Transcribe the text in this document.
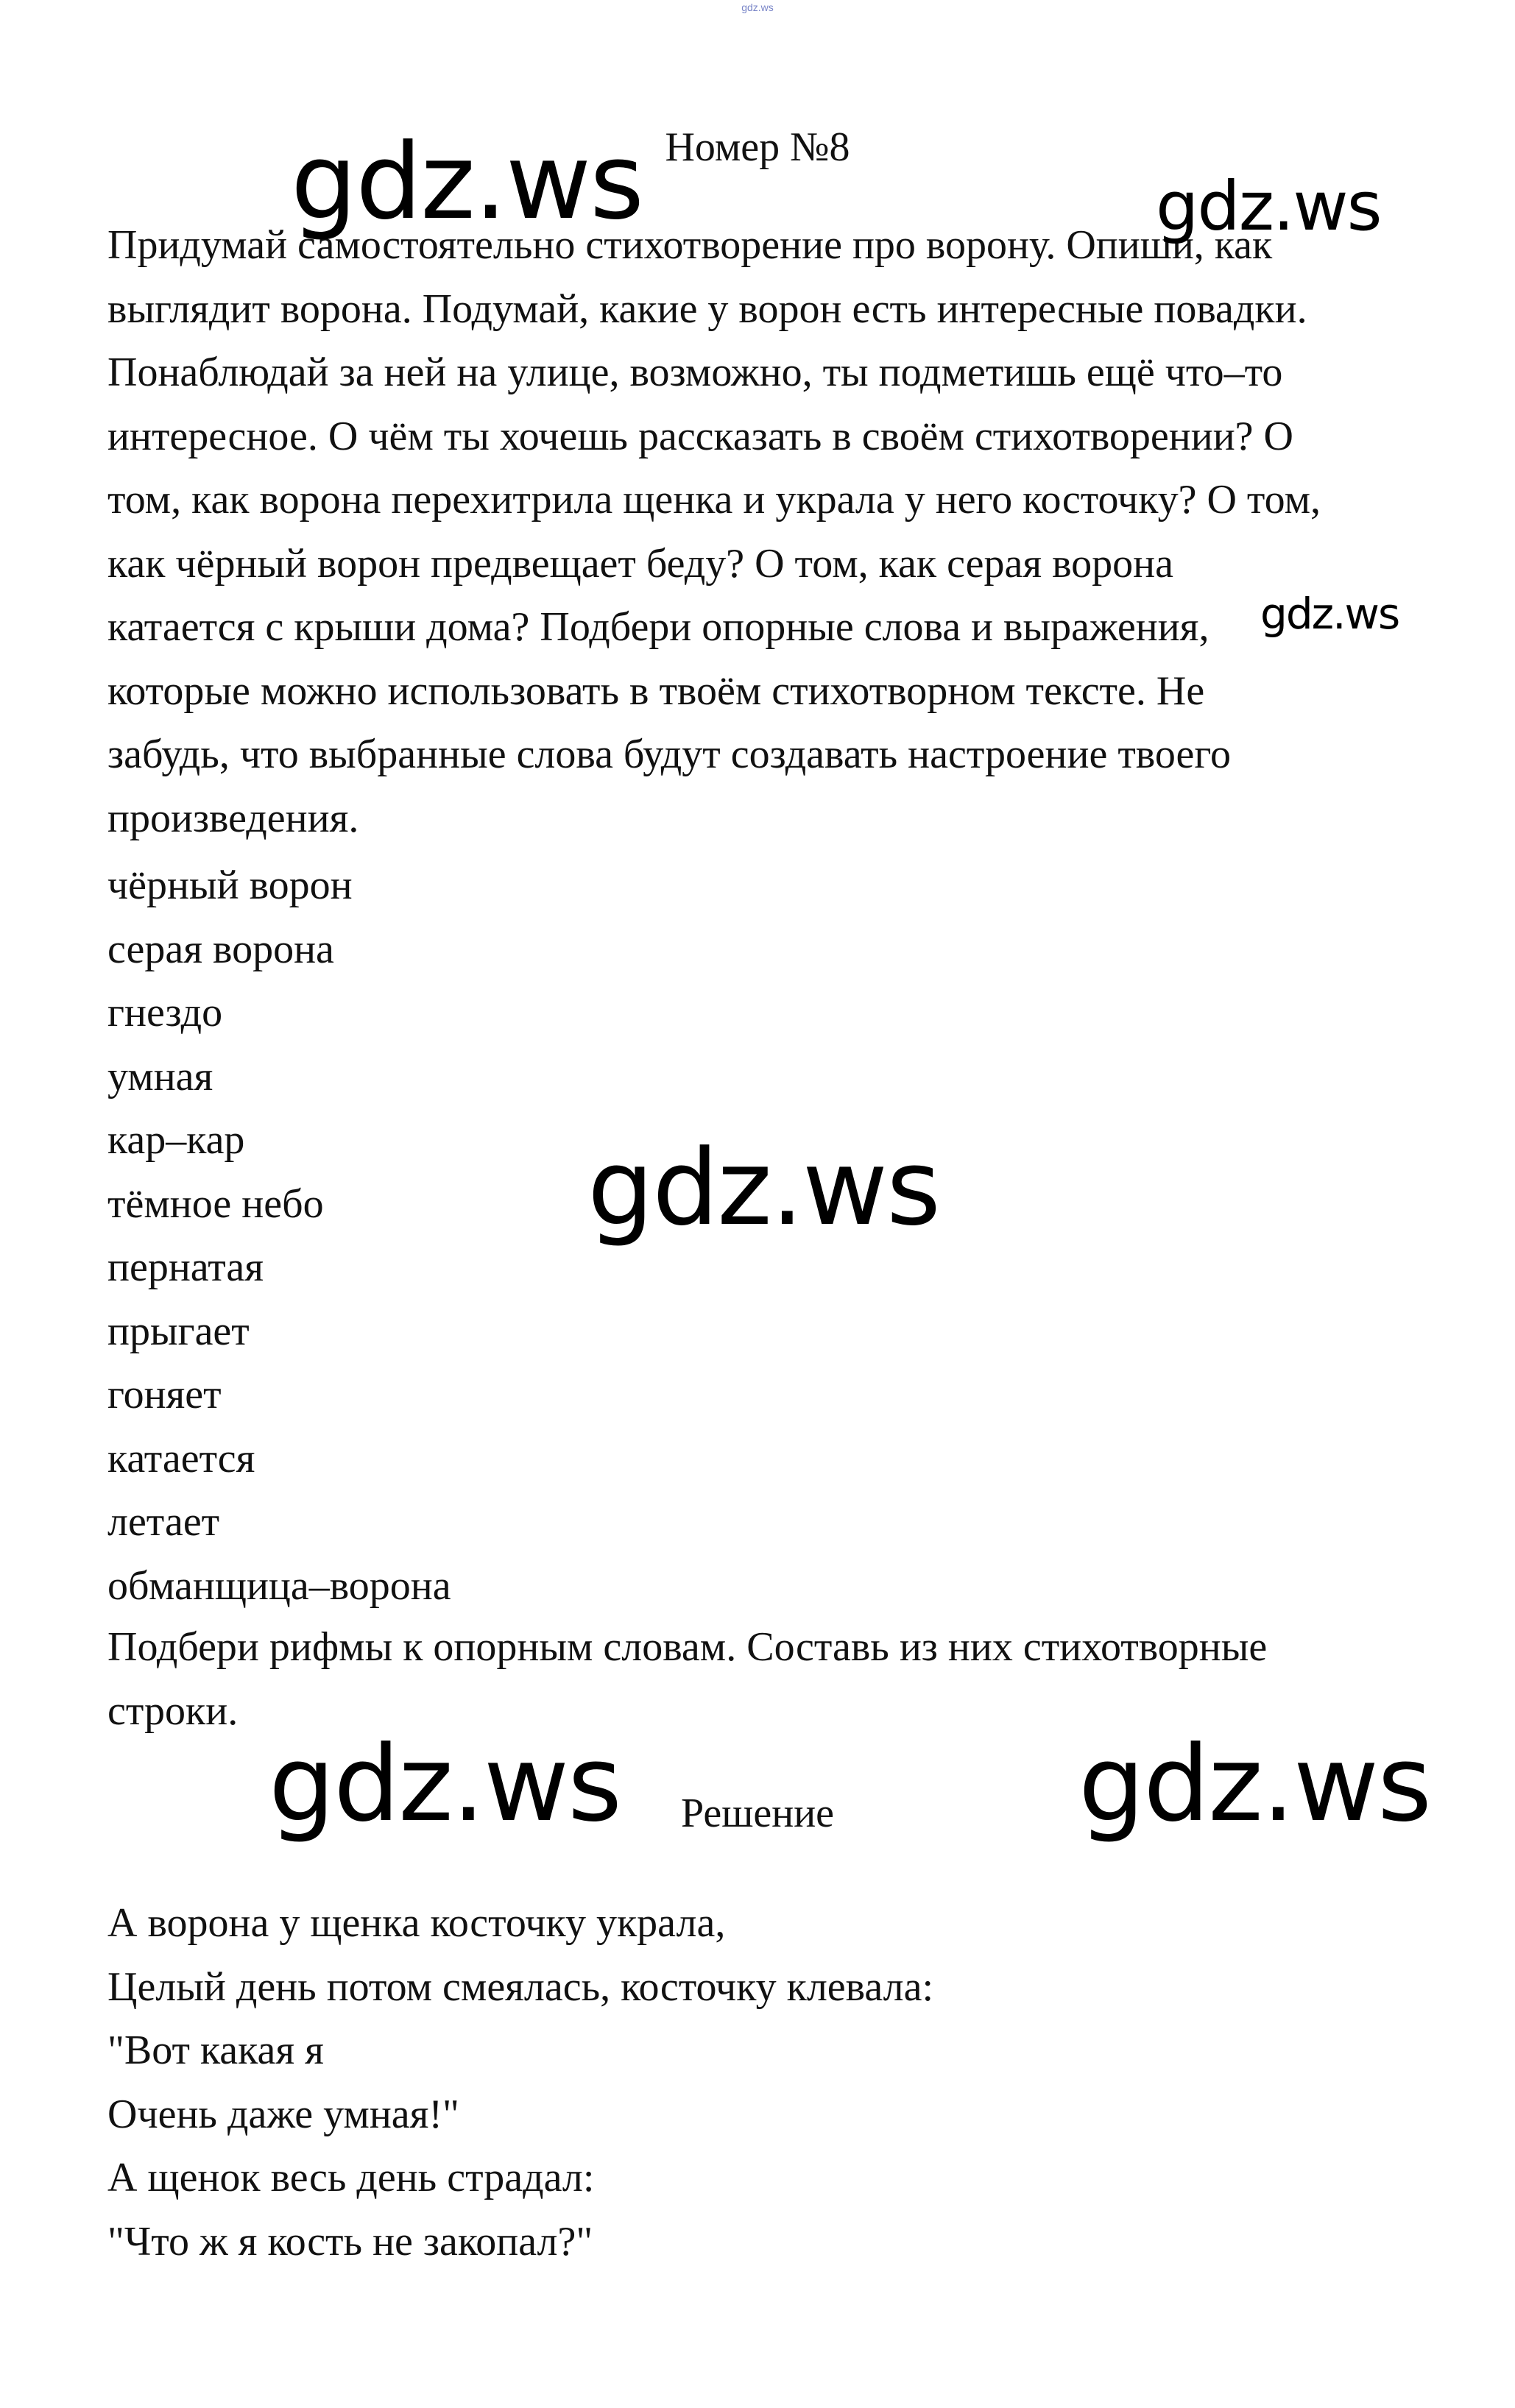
gdz.ws
Номер №8

Придумай самостоятельно стихотворение про ворону. Опиши, как

выглядит ворона. Подумай, какие у ворон есть интересные повадки.

Понаблюдай за ней на улице, возможно, ты подметишь ещё что–то

интересное. О чём ты хочешь рассказать в своём стихотворении? О

том, как ворона перехитрила щенка и украла у него косточку? О том,

как чёрный ворон предвещает беду? О том, как серая ворона

катается с крыши дома? Подбери опорные слова и выражения,

которые можно использовать в твоём стихотворном тексте. Не

забудь, что выбранные слова будут создавать настроение твоего

произведения.

чёрный ворон

серая ворона

гнездо

умная

кар–кар

тёмное небо

пернатая

прыгает

гоняет

катается

летает

обманщица–ворона

Подбери рифмы к опорным словам. Составь из них стихотворные

строки.

Решение

А ворона у щенка косточку украла,

Целый день потом смеялась, косточку клевала:

"Вот какая я

Очень даже умная!"

А щенок весь день страдал:

"Что ж я кость не закопал?"

gdz.ws	gdz.ws
gdz.ws
gdz.ws
gdz.ws	gdz.ws
